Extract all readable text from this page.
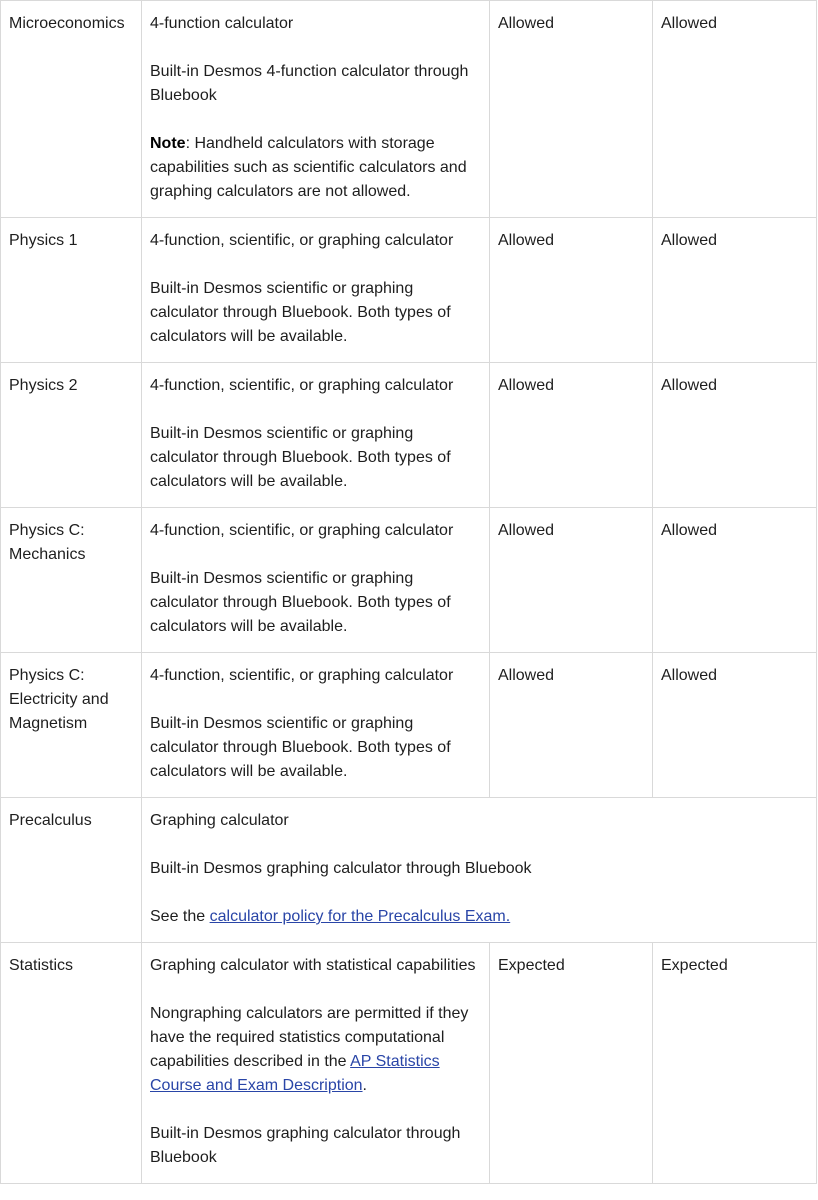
Microeconomics	4-function calculator

Built-in Desmos 4-function calculator through Bluebook

Note: Handheld calculators with storage capabilities such as scientific calculators and graphing calculators are not allowed.	Allowed	Allowed
Physics 1	4-function, scientific, or graphing calculator

Built-in Desmos scientific or graphing calculator through Bluebook. Both types of calculators will be available.	Allowed	Allowed
Physics 2	4-function, scientific, or graphing calculator

Built-in Desmos scientific or graphing calculator through Bluebook. Both types of calculators will be available.	Allowed	Allowed
Physics C: Mechanics	4-function, scientific, or graphing calculator

Built-in Desmos scientific or graphing calculator through Bluebook. Both types of calculators will be available.	Allowed	Allowed
Physics C: Electricity and Magnetism	4-function, scientific, or graphing calculator

Built-in Desmos scientific or graphing calculator through Bluebook. Both types of calculators will be available.	Allowed	Allowed
Precalculus	Graphing calculator

Built-in Desmos graphing calculator through Bluebook

See the calculator policy for the Precalculus Exam.		

Statistics	Graphing calculator with statistical capabilities

Nongraphing calculators are permitted if they have the required statistics computational capabilities described in the AP Statistics Course and Exam Description.

Built-in Desmos graphing calculator through Bluebook	Expected	Expected
